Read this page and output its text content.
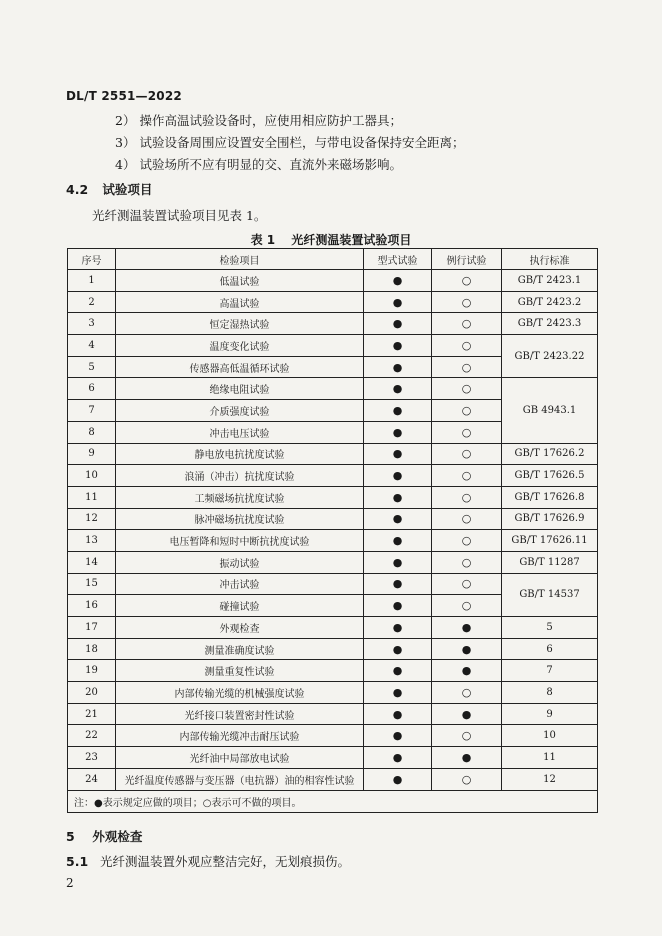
DL/T 2551—2022
2） 操作高温试验设备时，应使用相应防护工器具；
3） 试验设备周围应设置安全围栏，与带电设备保持安全距离；
4） 试验场所不应有明显的交、直流外来磁场影响。
4.2 试验项目
光纤测温装置试验项目见表 1。
表 1 光纤测温装置试验项目
序号	检验项目	型式试验	例行试验	执行标准
1	低温试验	●	○	GB/T 2423.1
2	高温试验	●	○	GB/T 2423.2
3	恒定湿热试验	●	○	GB/T 2423.3
4	温度变化试验	●	○	GB/T 2423.22
5	传感器高低温循环试验	●	○	
6	绝缘电阻试验	●	○	GB 4943.1
7	介质强度试验	●	○	
8	冲击电压试验	●	○	
9	静电放电抗扰度试验	●	○	GB/T 17626.2
10	浪涌（冲击）抗扰度试验	●	○	GB/T 17626.5
11	工频磁场抗扰度试验	●	○	GB/T 17626.8
12	脉冲磁场抗扰度试验	●	○	GB/T 17626.9
13	电压暂降和短时中断抗扰度试验	●	○	GB/T 17626.11
14	振动试验	●	○	GB/T 11287
15	冲击试验	●	○	GB/T 14537
16	碰撞试验	●	○	
17	外观检查	●	●	5
18	测量准确度试验	●	●	6
19	测量重复性试验	●	●	7
20	内部传输光缆的机械强度试验	●	○	8
21	光纤接口装置密封性试验	●	●	9
22	内部传输光缆冲击耐压试验	●	○	10
23	光纤油中局部放电试验	●	●	11
24	光纤温度传感器与变压器（电抗器）油的相容性试验	●	○	12
注：●表示规定应做的项目；○表示可不做的项目。				
5 外观检查
5.1 光纤测温装置外观应整洁完好，无划痕损伤。
2
